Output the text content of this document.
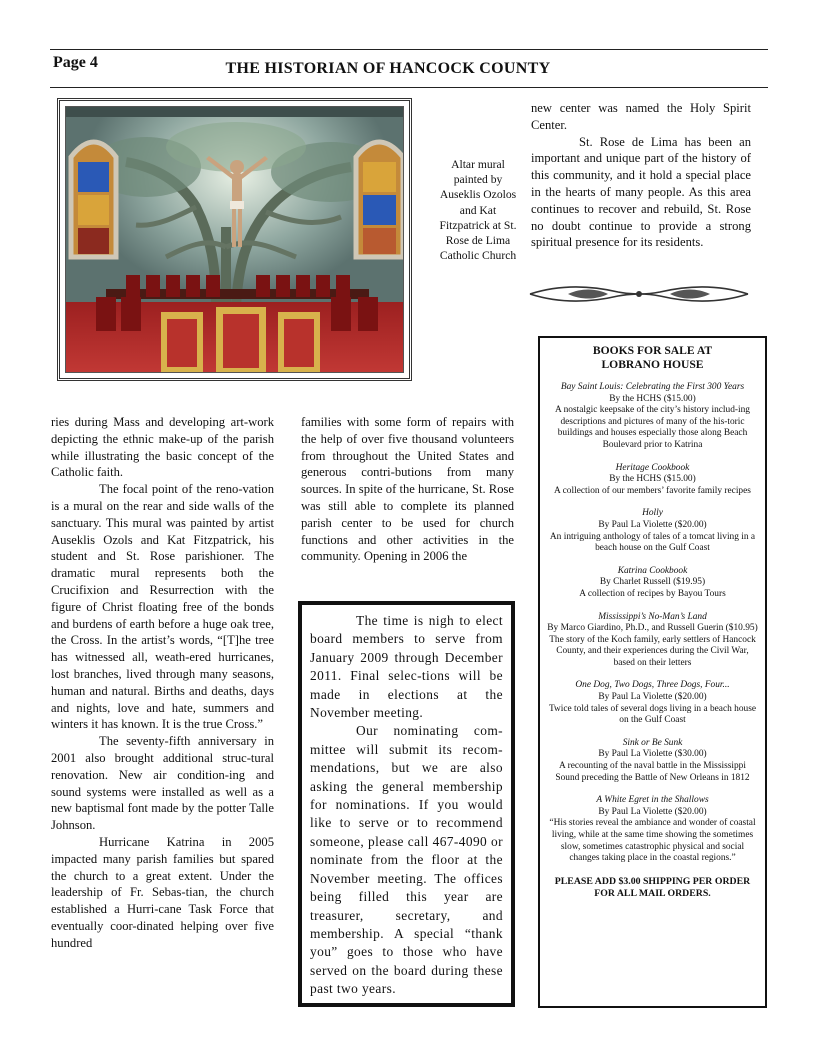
Page 4	THE HISTORIAN OF HANCOCK COUNTY
Altar mural painted by Auseklis Ozolos and Kat Fitzpatrick at St. Rose de Lima Catholic Church

new center was named the Holy Spirit Center.

St. Rose de Lima has been an important and unique part of the history of this community, and it hold a special place in the hearts of many people. As this area continues to recover and rebuild, St. Rose no doubt continue to provide a strong spiritual presence for its residents.

ries during Mass and developing art-work depicting the ethnic make-up of the parish while illustrating the basic concept of the Catholic faith.

The focal point of the reno-vation is a mural on the rear and side walls of the sanctuary. This mural was painted by artist Auseklis Ozols and Kat Fitzpatrick, his student and St. Rose parishioner. The dramatic mural represents both the Crucifixion and Resurrection with the figure of Christ floating free of the bonds and burdens of earth before a huge oak tree, the Cross. In the artist’s words, “[T]he tree has witnessed all, weath-ered hurricanes, lost branches, lived through many seasons, human and natural. Births and deaths, days and nights, love and hate, summers and winters it has known. It is the true Cross.”

The seventy-fifth anniversary in 2001 also brought additional struc-tural renovation. New air condition-ing and sound systems were installed as well as a new baptismal font made by the potter Talle Johnson.

Hurricane Katrina in 2005 impacted many parish families but spared the church to a great extent. Under the leadership of Fr. Sebas-tian, the church established a Hurri-cane Task Force that eventually coor-dinated helping over five hundred

families with some form of repairs with the help of over five thousand volunteers from throughout the United States and generous contri-butions from many sources. In spite of the hurricane, St. Rose was still able to complete its planned parish center to be used for church functions and other activities in the community. Opening in 2006 the

The time is nigh to elect board members to serve from January 2009 through December 2011. Final selec-tions will be made in elections at the November meeting.

Our nominating com-mittee will submit its recom-mendations, but we are also asking the general membership for nominations. If you would like to serve or to recommend someone, please call 467-4090 or nominate from the floor at the November meeting. The offices being filled this year are treasurer, secretary, and membership. A special “thank you” goes to those who have served on the board during these past two years.

BOOKS FOR SALE AT
LOBRANO HOUSE
Bay Saint Louis: Celebrating the First 300 Years
By the HCHS ($15.00)
A nostalgic keepsake of the city’s history includ-ing descriptions and pictures of many of the his-toric buildings and houses especially those along Beach Boulevard prior to Katrina
Heritage Cookbook
By the HCHS ($15.00)
A collection of our members’ favorite family recipes
Holly
By Paul La Violette ($20.00)
An intriguing anthology of tales of a tomcat living in a beach house on the Gulf Coast
Katrina Cookbook
By Charlet Russell ($19.95)
A collection of recipes by Bayou Tours
Mississippi’s No-Man’s Land
By Marco Giardino, Ph.D., and Russell Guerin ($10.95)
The story of the Koch family, early settlers of Hancock County, and their experiences during the Civil War, based on their letters
One Dog, Two Dogs, Three Dogs, Four...
By Paul La Violette ($20.00)
Twice told tales of several dogs living in a beach house on the Gulf Coast
Sink or Be Sunk
By Paul La Violette ($30.00)
A recounting of the naval battle in the Mississippi Sound preceding the Battle of New Orleans in 1812
A White Egret in the Shallows
By Paul La Violette ($20.00)
“His stories reveal the ambiance and wonder of coastal living, while at the same time showing the sometimes slow, sometimes catastrophic physical and social changes taking place in the coastal regions.”
PLEASE ADD $3.00 SHIPPING PER ORDER FOR ALL MAIL ORDERS.
